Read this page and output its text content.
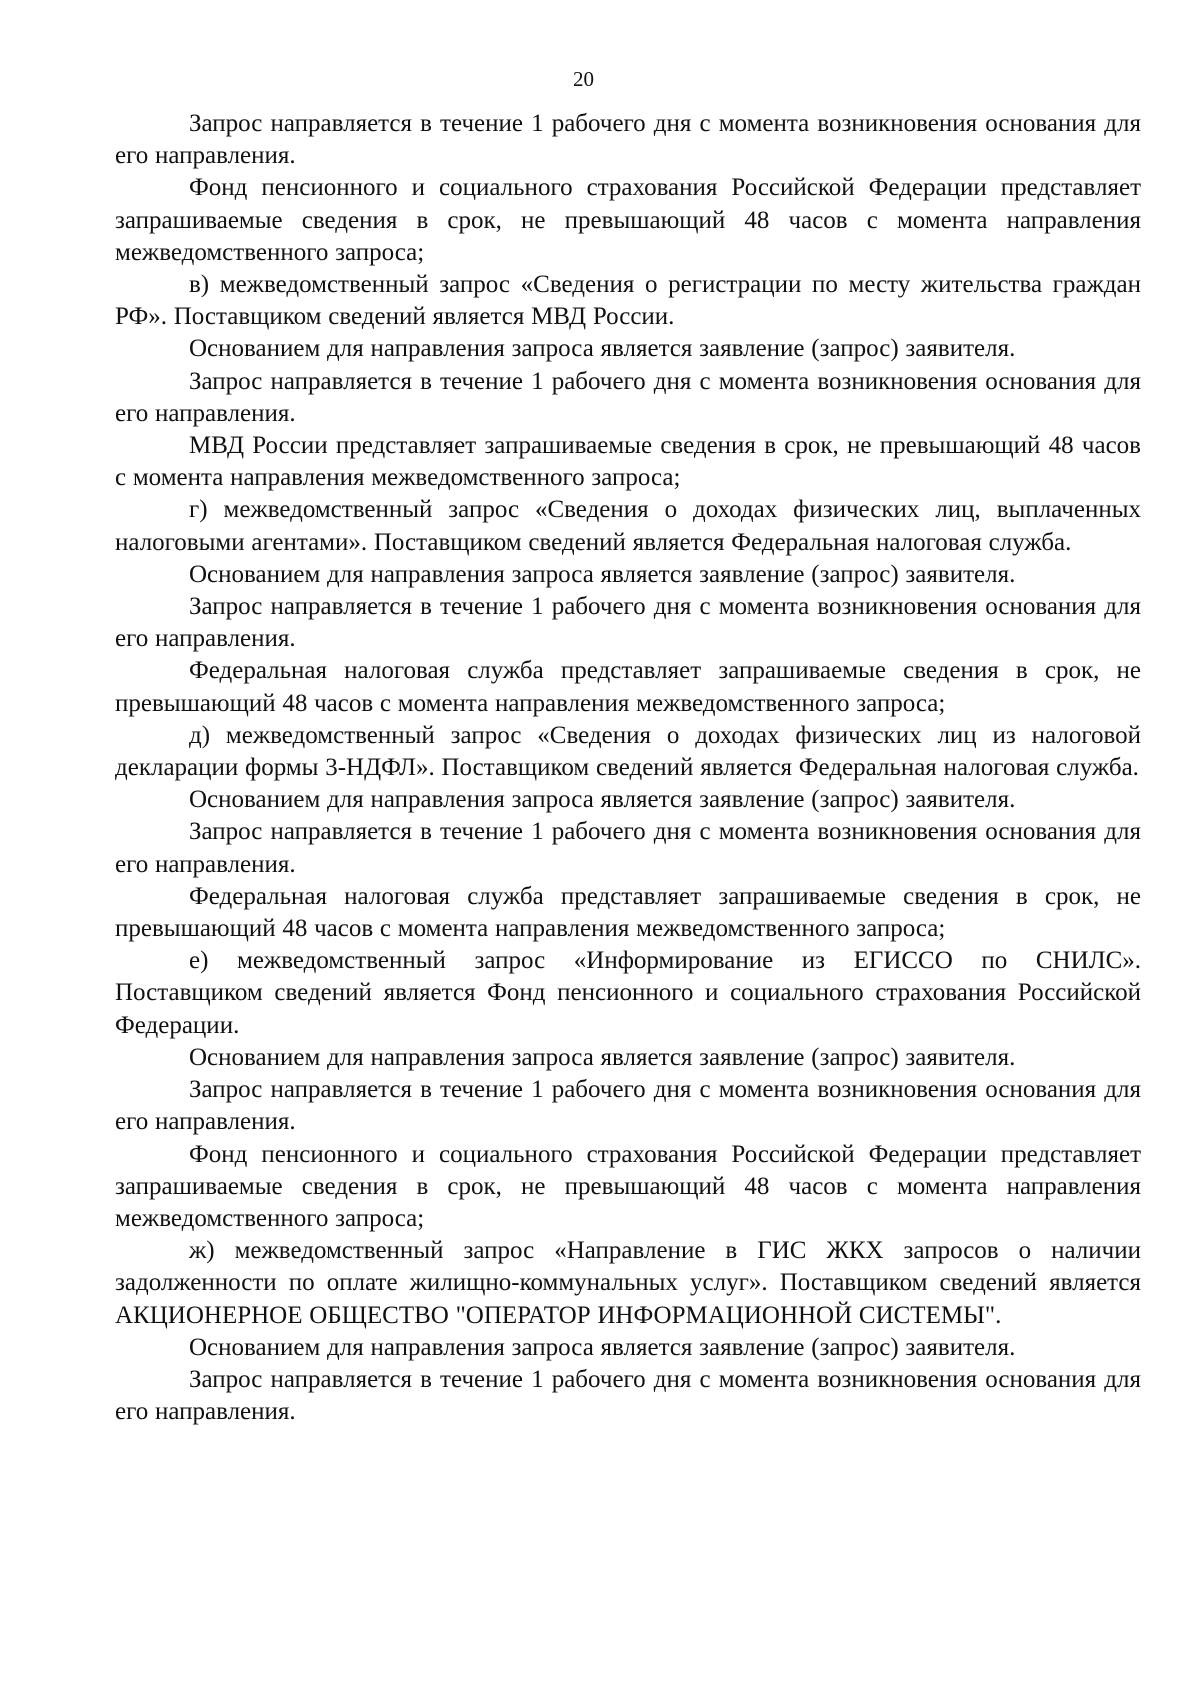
20

Запрос направляется в течение 1 рабочего дня с момента возникновения основания для его направления.

Фонд пенсионного и социального страхования Российской Федерации представляет запрашиваемые сведения в срок, не превышающий 48 часов с момента направления межведомственного запроса;

в) межведомственный запрос «Сведения о регистрации по месту жительства граждан РФ». Поставщиком сведений является МВД России.

Основанием для направления запроса является заявление (запрос) заявителя.

Запрос направляется в течение 1 рабочего дня с момента возникновения основания для его направления.

МВД России представляет запрашиваемые сведения в срок, не превышающий 48 часов с момента направления межведомственного запроса;

г) межведомственный запрос «Сведения о доходах физических лиц, выплаченных налоговыми агентами». Поставщиком сведений является Федеральная налоговая служба.

Основанием для направления запроса является заявление (запрос) заявителя.

Запрос направляется в течение 1 рабочего дня с момента возникновения основания для его направления.

Федеральная налоговая служба представляет запрашиваемые сведения в срок, не превышающий 48 часов с момента направления межведомственного запроса;

д) межведомственный запрос «Сведения о доходах физических лиц из налоговой декларации формы 3-НДФЛ». Поставщиком сведений является Федеральная налоговая служба.

Основанием для направления запроса является заявление (запрос) заявителя.

Запрос направляется в течение 1 рабочего дня с момента возникновения основания для его направления.

Федеральная налоговая служба представляет запрашиваемые сведения в срок, не превышающий 48 часов с момента направления межведомственного запроса;

е) межведомственный запрос «Информирование из ЕГИССО по СНИЛС». Поставщиком сведений является Фонд пенсионного и социального страхования Российской Федерации.

Основанием для направления запроса является заявление (запрос) заявителя.

Запрос направляется в течение 1 рабочего дня с момента возникновения основания для его направления.

Фонд пенсионного и социального страхования Российской Федерации представляет запрашиваемые сведения в срок, не превышающий 48 часов с момента направления межведомственного запроса;

ж) межведомственный запрос «Направление в ГИС ЖКХ запросов о наличии задолженности по оплате жилищно-коммунальных услуг». Поставщиком сведений является АКЦИОНЕРНОЕ ОБЩЕСТВО "ОПЕРАТОР ИНФОРМАЦИОННОЙ СИСТЕМЫ".

Основанием для направления запроса является заявление (запрос) заявителя.

Запрос направляется в течение 1 рабочего дня с момента возникновения основания для его направления.
